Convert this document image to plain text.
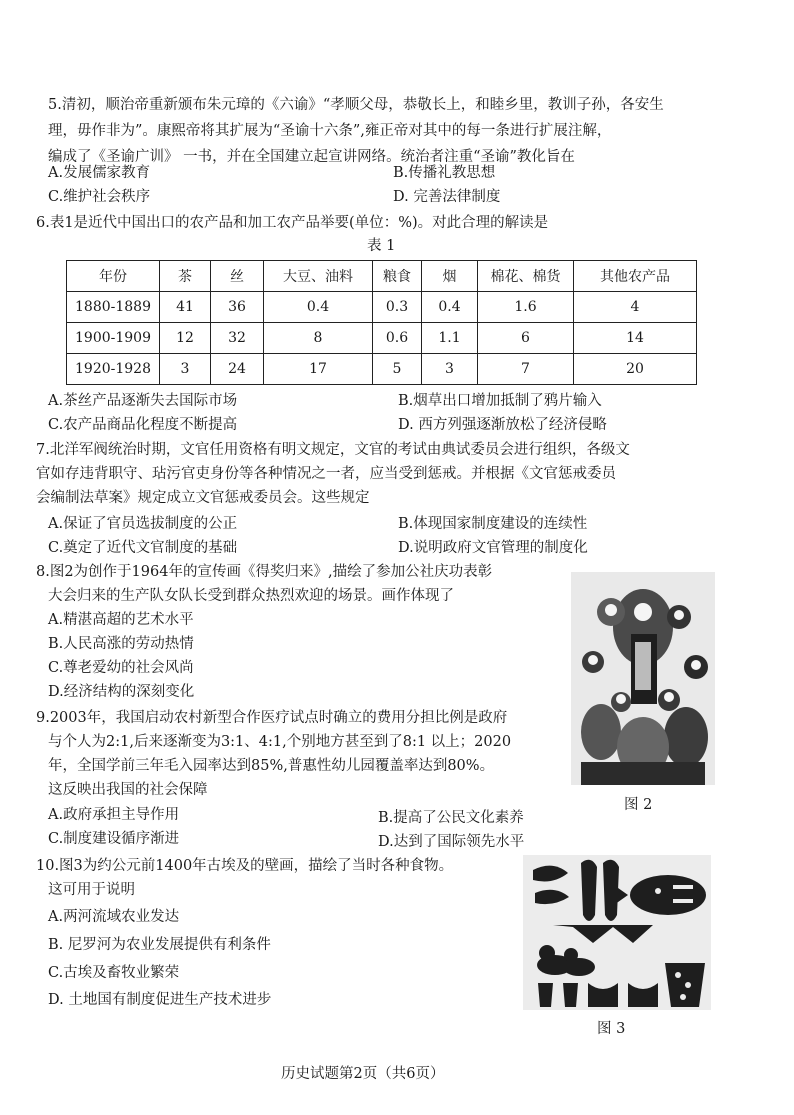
5.清初，顺治帝重新颁布朱元璋的《六谕》“孝顺父母，恭敬长上，和睦乡里，教训子孙，各安生
理，毋作非为”。康熙帝将其扩展为“圣谕十六条”,雍正帝对其中的每一条进行扩展注解，
编成了《圣谕广训》 一书，并在全国建立起宣讲网络。统治者注重“圣谕”教化旨在
A.发展儒家教育	B.传播礼教思想
C.维护社会秩序	D. 完善法律制度
6.表1是近代中国出口的农产品和加工农产品举要(单位：%)。对此合理的解读是
表 1
年份	茶	丝	大豆、油料	粮食	烟	棉花、棉货	其他农产品
1880-1889	41	36	0.4	0.3	0.4	1.6	4
1900-1909	12	32	8	0.6	1.1	6	14
1920-1928	3	24	17	5	3	7	20
A.茶丝产品逐渐失去国际市场	B.烟草出口增加抵制了鸦片输入
C.农产品商品化程度不断提高	D. 西方列强逐渐放松了经济侵略
7.北洋军阀统治时期，文官任用资格有明文规定，文官的考试由典试委员会进行组织，各级文
官如存违背职守、玷污官吏身份等各种情况之一者，应当受到惩戒。并根据《文官惩戒委员
会编制法草案》规定成立文官惩戒委员会。这些规定
A.保证了官员选拔制度的公正	B.体现国家制度建设的连续性
C.奠定了近代文官制度的基础	D.说明政府文官管理的制度化
8.图2为创作于1964年的宣传画《得奖归来》,描绘了参加公社庆功表彰
大会归来的生产队女队长受到群众热烈欢迎的场景。画作体现了
A.精湛高超的艺术水平
B.人民高涨的劳动热情
C.尊老爱幼的社会风尚
D.经济结构的深刻变化
图 2
9.2003年，我国启动农村新型合作医疗试点时确立的费用分担比例是政府
与个人为2:1,后来逐渐变为3:1、4:1,个别地方甚至到了8:1 以上；2020
年，全国学前三年毛入园率达到85%,普惠性幼儿园覆盖率达到80%。
这反映出我国的社会保障
A.政府承担主导作用	B.提高了公民文化素养
C.制度建设循序渐进	D.达到了国际领先水平
10.图3为约公元前1400年古埃及的壁画，描绘了当时各种食物。
这可用于说明
A.两河流域农业发达
B. 尼罗河为农业发展提供有利条件
C.古埃及畜牧业繁荣
D. 土地国有制度促进生产技术进步
图 3
历史试题第2页（共6页）
